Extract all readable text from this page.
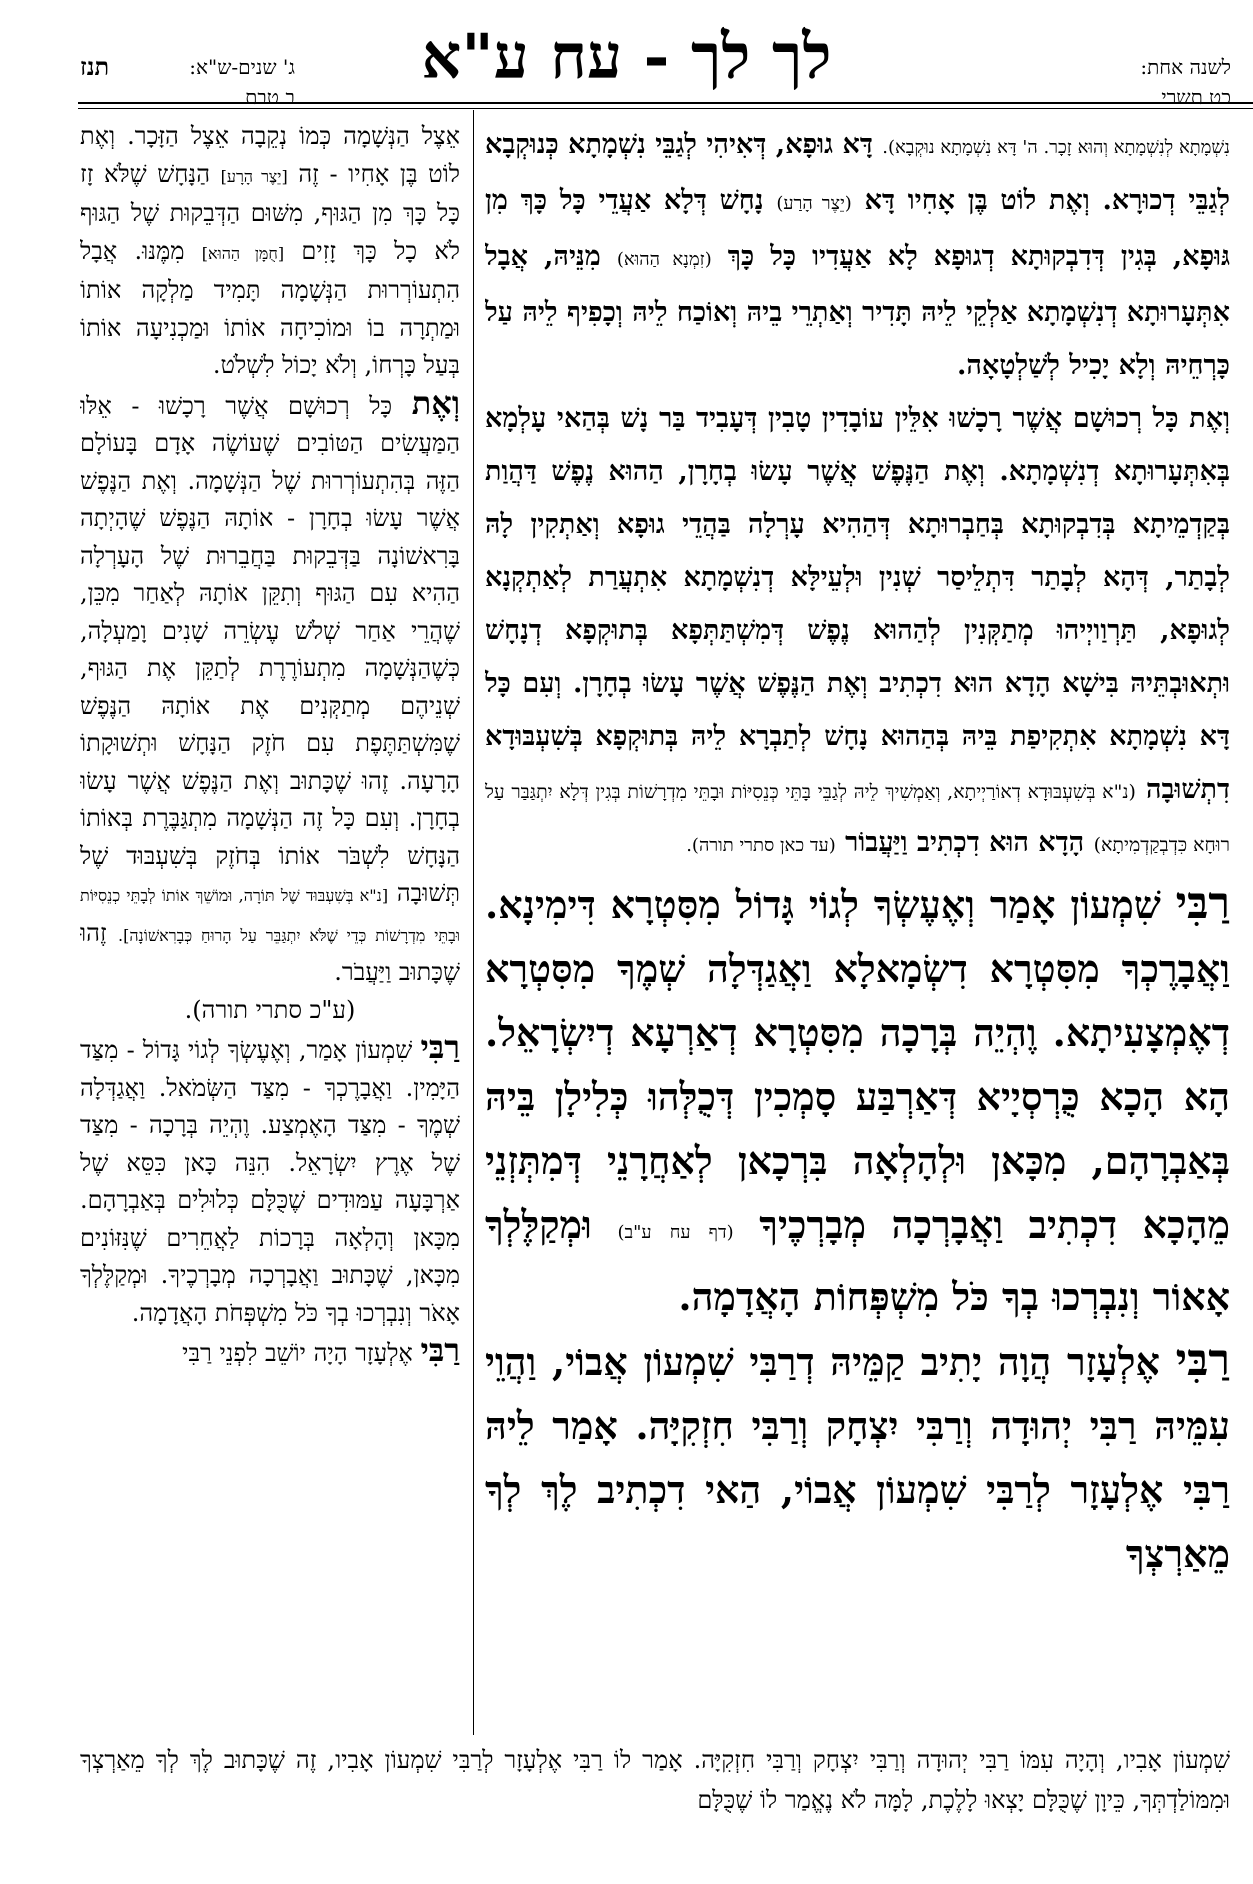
לשנה אחת:
כט תשרי
לך לך - עח ע"א
ג' שנים-ש"א:
ב טבת
תנז

נִשְׁמָתָא לְנִשְׁמָתָא וְהוּא זָכָר. ה' דָּא נִשְׁמָתָא נוּקְבָא). דָּא גוּפָא, דְּאִיהִי לְגַבֵּי נִשְׁמָתָא כְּנוּקְבָא לְגַבֵּי דְכוּרָא. וְאֶת לוֹט בֶּן אָחִיו דָּא (יֵצֶר הָרַע) נָחָשׁ דְּלָא אַעֲדֵי כָּל כָּךְ מִן גּוּפָא, בְּגִין דְּדִבְקוּתָא דְגוּפָא לָא אַעֲדִיו כָּל כָּךְ (זִמְנָא הַהוּא) מִנֵּיהּ, אֲבָל אִתְּעָרוּתָא דְנִשְׁמָתָא אַלְקֵי לֵיהּ תָּדִיר וְאַתְרֵי בֵיהּ וְאוֹכַח לֵיהּ וְכָפִיף לֵיהּ עַל כָּרְחֵיהּ וְלָא יָכִיל לְשַׁלְטָאָה.

וְאֶת כָּל רְכוּשָׁם אֲשֶׁר רָכָשׁוּ אִלֵּין עוֹבָדִין טָבִין דְּעָבִיד בַּר נָשׁ בְּהַאי עָלְמָא בְּאִתְּעָרוּתָא דְנִשְׁמָתָא. וְאֶת הַנֶּפֶשׁ אֲשֶׁר עָשׂוּ בְחָרָן, הַהוּא נֶפֶשׁ דַּהֲוַת בְּקַדְמֵיתָא בְּדִבְקוּתָא בְּחַבְרוּתָא דְּהַהִיא עָרְלָה בַּהֲדֵי גוּפָא וְאַתְקִין לָהּ לְבָתַר, דְּהָא לְבָתַר דִּתְלֵיסַר שְׁנִין וּלְעֵילָּא דְנִשְׁמָתָא אִתְעֲרַת לְאַתְקְנָא לְגוּפָא, תַּרְוַויְיהוּ מְתַקְּנִין לְהַהוּא נֶפֶשׁ דְּמִשְׁתַּתְּפָא בְּתוּקְפָא דְנָחָשׁ וּתְאוּבְתֵּיהּ בִּישָׁא הָדָא הוּא דִכְתִיב וְאֶת הַנֶּפֶשׁ אֲשֶׁר עָשׂוּ בְחָרָן. וְעִם כָּל דָּא נִשְׁמָתָא אִתְקִיפַת בֵּיהּ בְּהַהוּא נָחָשׁ לְתַבְרָא לֵיהּ בְּתוּקְפָא בְּשִׁעְבּוּדָא דִתְשׁוּבָה (נ"א בְּשִׁעְבּוּדָא דְאוֹרַיְיתָא, וְאַמְשִׁיךְ לֵיהּ לְגַבֵּי בָּתֵּי כְּנֵסִיּוֹת וּבָתֵּי מִדְרָשׁוֹת בְּגִין דְּלָא יִתְגַּבַּר עַל רוּחָא כִּדְבְקַדְמִיתָא) הָדָא הוּא דִכְתִיב וַיַּעֲבוֹר (עד כאן סתרי תורה).

רַבִּי שִׁמְעוֹן אָמַר וְאֶעֶשְׂךָ לְגוֹי גָּדוֹל מִסִּטְרָא דִּימִינָא. וַאֲבָרֶכְךָ מִסִּטְרָא דִשְׂמָאלָא וַאֲגַדְּלָה שְׁמֶךָ מִסִּטְרָא דְאֶמְצָעִיתָא. וֶהְיֵה בְּרָכָה מִסִּטְרָא דְאַרְעָא דְיִשְׂרָאֵל. הָא הָכָא כֻּרְסְיָיא דְּאַרְבַּע סָמְכִין דְּכֻלְּהוּ כְּלִילָן בֵּיהּ בְּאַבְרָהָם, מִכָּאן וּלְהָלְאָה בִּרְכָאן לְאַחֲרָנֵי דְּמִתְּזְנֵי מֵהָכָא דִכְתִיב וַאֲבָרְכָה מְבָרְכֶיךָ (דף עח ע"ב) וּמְקַלֶּלְךָ אָאוֹר וְנִבְרְכוּ בְךָ כֹּל מִשְׁפְּחוֹת הָאֲדָמָה.

רַבִּי אֶלְעָזָר הֲוָה יָתִיב קַמֵּיהּ דְרַבִּי שִׁמְעוֹן אֲבוֹי, וַהֲוֵי עִמֵּיהּ רַבִּי יְהוּדָה וְרַבִּי יִצְחָק וְרַבִּי חִזְקִיָּה. אָמַר לֵיהּ רַבִּי אֶלְעָזָר לְרַבִּי שִׁמְעוֹן אֲבוֹי, הַאי דִכְתִיב לֶךְ לְךָ מֵאַרְצְךָ

אֵצֶל הַנְּשָׁמָה כְּמוֹ נְקֵבָה אֵצֶל הַזָּכָר. וְאֶת לוֹט בֶּן אָחִיו - זֶה [יֵצֶר הָרָע] הַנָּחָשׁ שֶׁלֹּא זָז כָּל כָּךְ מִן הַגּוּף, מִשּׁוּם הַדְּבֵקוּת שֶׁל הַגּוּף לֹא כָל כָּךְ זָזִים [חֻמָּן הַהוּא] מִמֶּנּוּ. אֲבָל הִתְעוֹרְרוּת הַנְּשָׁמָה תָּמִיד מַלְקָה אוֹתוֹ וּמַתְרָה בוֹ וּמוֹכִיחָה אוֹתוֹ וּמַכְנִיעָה אוֹתוֹ בְּעַל כָּרְחוֹ, וְלֹא יָכוֹל לִשְׁלֹט.

וְאֶת כָּל רְכוּשָׁם אֲשֶׁר רָכָשׁוּ - אֵלּוּ הַמַּעֲשִׂים הַטּוֹבִים שֶׁעוֹשֶׂה אָדָם בָּעוֹלָם הַזֶּה בְּהִתְעוֹרְרוּת שֶׁל הַנְּשָׁמָה. וְאֶת הַנֶּפֶשׁ אֲשֶׁר עָשׂוּ בְחָרָן - אוֹתָהּ הַנֶּפֶשׁ שֶׁהָיְתָה בָּרִאשׁוֹנָה בַּדְּבֵקוּת בַּחֲבֵרוּת שֶׁל הָעָרְלָה הַהִיא עִם הַגּוּף וְתִקֵּן אוֹתָהּ לְאַחַר מִכֵּן, שֶׁהֲרֵי אַחַר שְׁלֹשׁ עֶשְׂרֵה שָׁנִים וָמַעְלָה, כְּשֶׁהַנְּשָׁמָה מִתְעוֹרֶרֶת לְתַקֵּן אֶת הַגּוּף, שְׁנֵיהֶם מְתַקְּנִים אֶת אוֹתָהּ הַנֶּפֶשׁ שֶׁמִּשְׁתַּתֶּפֶת עִם חֹזֶק הַנָּחָשׁ וּתְשׁוּקָתוֹ הָרָעָה. זֶהוּ שֶׁכָּתוּב וְאֶת הַנֶּפֶשׁ אֲשֶׁר עָשׂוּ בְחָרָן. וְעִם כָּל זֶה הַנְּשָׁמָה מִתְגַּבֶּרֶת בְּאוֹתוֹ הַנָּחָשׁ לִשְׁבֹּר אוֹתוֹ בְּחֹזֶק בְּשִׁעְבּוּד שֶׁל תְּשׁוּבָה [נ"א בְּשִׁעְבּוּד שֶׁל תּוֹרָה, וּמוֹשֵׁךְ אוֹתוֹ לְבָתֵּי כְנֵסִיּוֹת וּבָתֵּי מִדְרָשׁוֹת כְּדֵי שֶׁלֹּא יִתְגַּבֵּר עַל הָרוּחַ כְּבָרִאשׁוֹנָה]. זֶהוּ שֶׁכָּתוּב וַיַּעֲבֹר.

(ע"כ סתרי תורה).

רַבִּי שִׁמְעוֹן אָמַר, וְאֶעֶשְׂךָ לְגוֹי גָּדוֹל - מִצַּד הַיָּמִין. וַאֲבָרֶכְךָ - מִצַּד הַשְּׂמֹאל. וַאֲגַדְּלָה שְׁמֶךָ - מִצַּד הָאֶמְצַע. וֶהְיֵה בְּרָכָה - מִצַּד שֶׁל אֶרֶץ יִשְׂרָאֵל. הִנֵּה כָּאן כִּסֵּא שֶׁל אַרְבָּעָה עַמּוּדִים שֶׁכֻּלָּם כְּלוּלִים בְּאַבְרָהָם. מִכָּאן וְהָלְאָה בְּרָכוֹת לַאֲחֵרִים שֶׁנִּזּוֹנִים מִכָּאן, שֶׁכָּתוּב וַאֲבָרְכָה מְבָרְכֶיךָ. וּמְקַלֶּלְךָ אָאֹר וְנִבְרְכוּ בְךָ כֹּל מִשְׁפְּחֹת הָאֲדָמָה.

רַבִּי אֶלְעָזָר הָיָה יוֹשֵׁב לִפְנֵי רַבִּי

שִׁמְעוֹן אָבִיו, וְהָיָה עִמּוֹ רַבִּי יְהוּדָה וְרַבִּי יִצְחָק וְרַבִּי חִזְקִיָּה. אָמַר לוֹ רַבִּי אֶלְעָזָר לְרַבִּי שִׁמְעוֹן אָבִיו, זֶה שֶׁכָּתוּב לֶךְ לְךָ מֵאַרְצְךָ וּמִמּוֹלַדְתְּךָ, כֵּיוָן שֶׁכֻּלָּם יָצְאוּ לָלֶכֶת, לָמָּה לֹא נֶאֱמַר לוֹ שֶׁכֻּלָּם
